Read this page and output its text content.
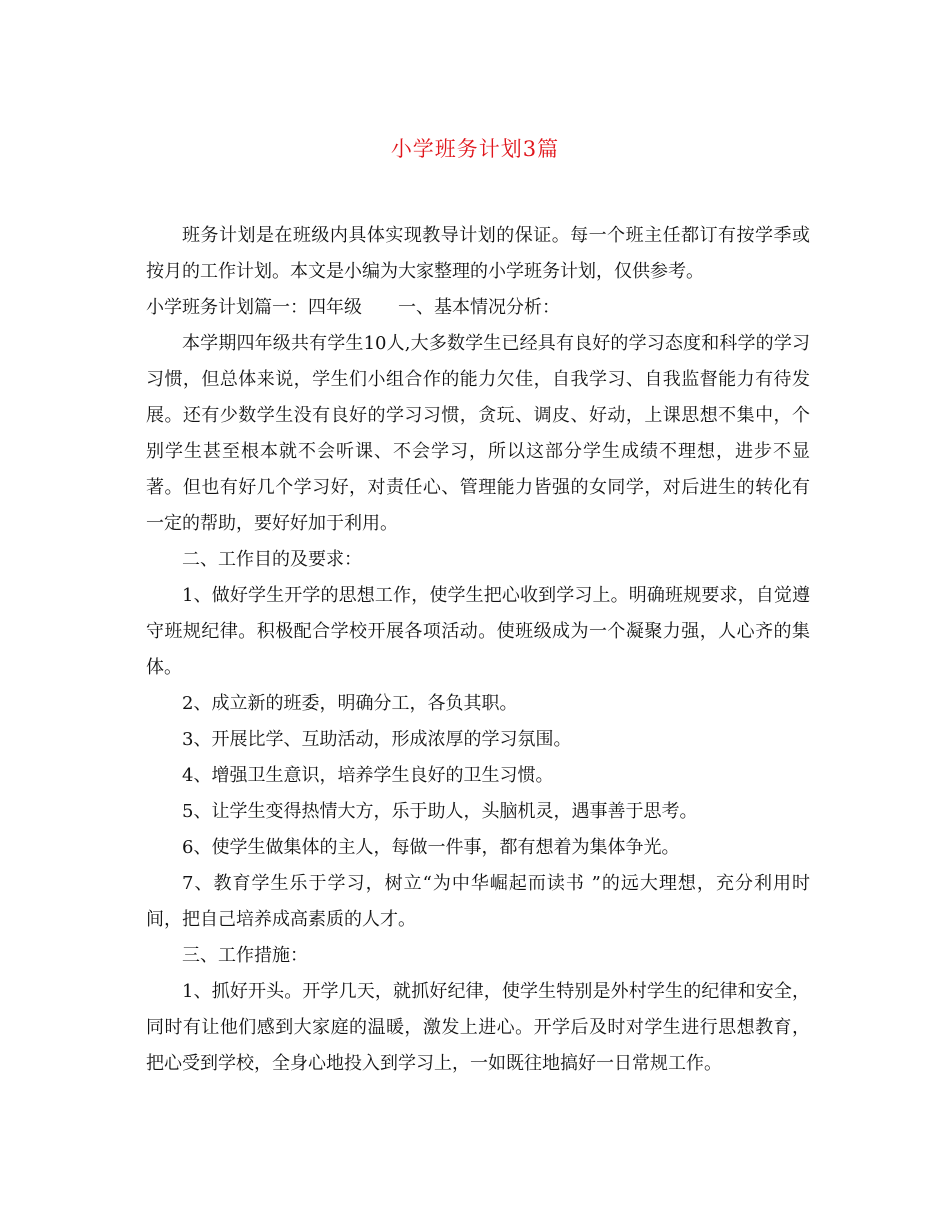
小学班务计划3篇

班务计划是在班级内具体实现教导计划的保证。每一个班主任都订有按学季或按月的工作计划。本文是小编为大家整理的小学班务计划，仅供参考。

小学班务计划篇一：四年级 一、基本情况分析：

本学期四年级共有学生10人,大多数学生已经具有良好的学习态度和科学的学习习惯，但总体来说，学生们小组合作的能力欠佳，自我学习、自我监督能力有待发展。还有少数学生没有良好的学习习惯，贪玩、调皮、好动，上课思想不集中，个别学生甚至根本就不会听课、不会学习，所以这部分学生成绩不理想，进步不显著。但也有好几个学习好，对责任心、管理能力皆强的女同学，对后进生的转化有一定的帮助，要好好加于利用。

二、工作目的及要求：

1、做好学生开学的思想工作，使学生把心收到学习上。明确班规要求，自觉遵守班规纪律。积极配合学校开展各项活动。使班级成为一个凝聚力强，人心齐的集体。

2、成立新的班委，明确分工，各负其职。

3、开展比学、互助活动，形成浓厚的学习氛围。

4、增强卫生意识，培养学生良好的卫生习惯。

5、让学生变得热情大方，乐于助人，头脑机灵，遇事善于思考。

6、使学生做集体的主人，每做一件事，都有想着为集体争光。

7、教育学生乐于学习，树立“为中华崛起而读书 ”的远大理想，充分利用时间，把自己培养成高素质的人才。

三、工作措施：

1、抓好开头。开学几天，就抓好纪律，使学生特别是外村学生的纪律和安全，同时有让他们感到大家庭的温暖，激发上进心。开学后及时对学生进行思想教育，把心受到学校，全身心地投入到学习上，一如既往地搞好一日常规工作。
